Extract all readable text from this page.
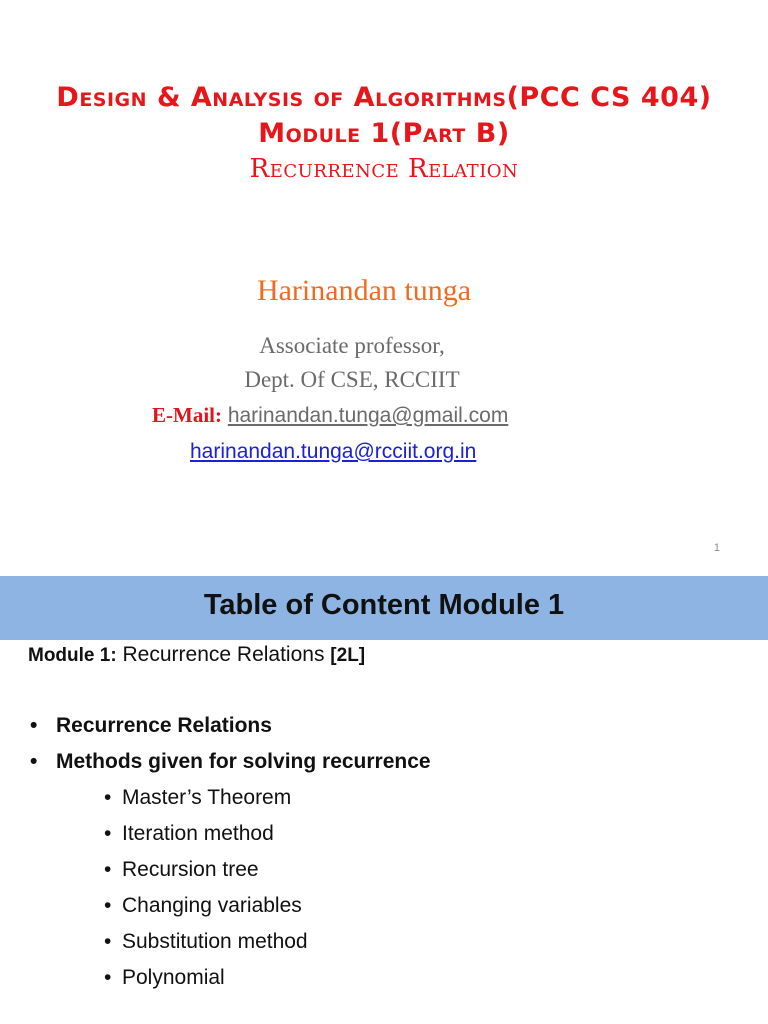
Design & Analysis of Algorithms(PCC CS 404)
Module 1(Part B)
Recurrence Relation
Harinandan tunga
Associate professor,
Dept. Of CSE, RCCIIT
E-Mail: harinandan.tunga@gmail.com
harinandan.tunga@rcciit.org.in
1
Table of Content Module 1
Module 1: Recurrence Relations [2L]
• Recurrence Relations
• Methods given for solving recurrence
• Master’s Theorem
• Iteration method
• Recursion tree
• Changing variables
• Substitution method
• Polynomial
